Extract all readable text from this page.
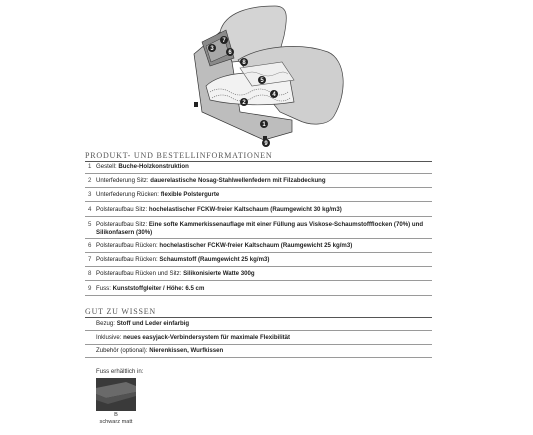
7
3
6
8
5
4
2
1
9
PRODUKT- UND BESTELLINFORMATIONEN
1 Gestell: Buche-Holzkonstruktion
2 Unterfederung Sitz: dauerelastische Nosag-Stahlwellenfedern mit Filzabdeckung
3 Unterfederung Rücken: flexible Polstergurte
4 Polsteraufbau Sitz: hochelastischer FCKW-freier Kaltschaum (Raumgewicht 30 kg/m3)
5 Polsteraufbau Sitz: Eine softe Kammerkissenauflage mit einer Füllung aus Viskose-Schaumstoffflocken (70%) und Silikonfasern (30%)
6 Polsteraufbau Rücken: hochelastischer FCKW-freier Kaltschaum (Raumgewicht 25 kg/m3)
7 Polsteraufbau Rücken: Schaumstoff (Raumgewicht 25 kg/m3)
8 Polsteraufbau Rücken und Sitz: Silikonisierte Watte 300g
9 Fuss: Kunststoffgleiter / Höhe: 6.5 cm
GUT ZU WISSEN
Bezug: Stoff und Leder einfarbig
Inklusive: neues easyjack-Verbindersystem für maximale Flexibilität
Zubehör (optional): Nierenkissen, Wurfkissen
Fuss erhältlich in:
B
schwarz matt
